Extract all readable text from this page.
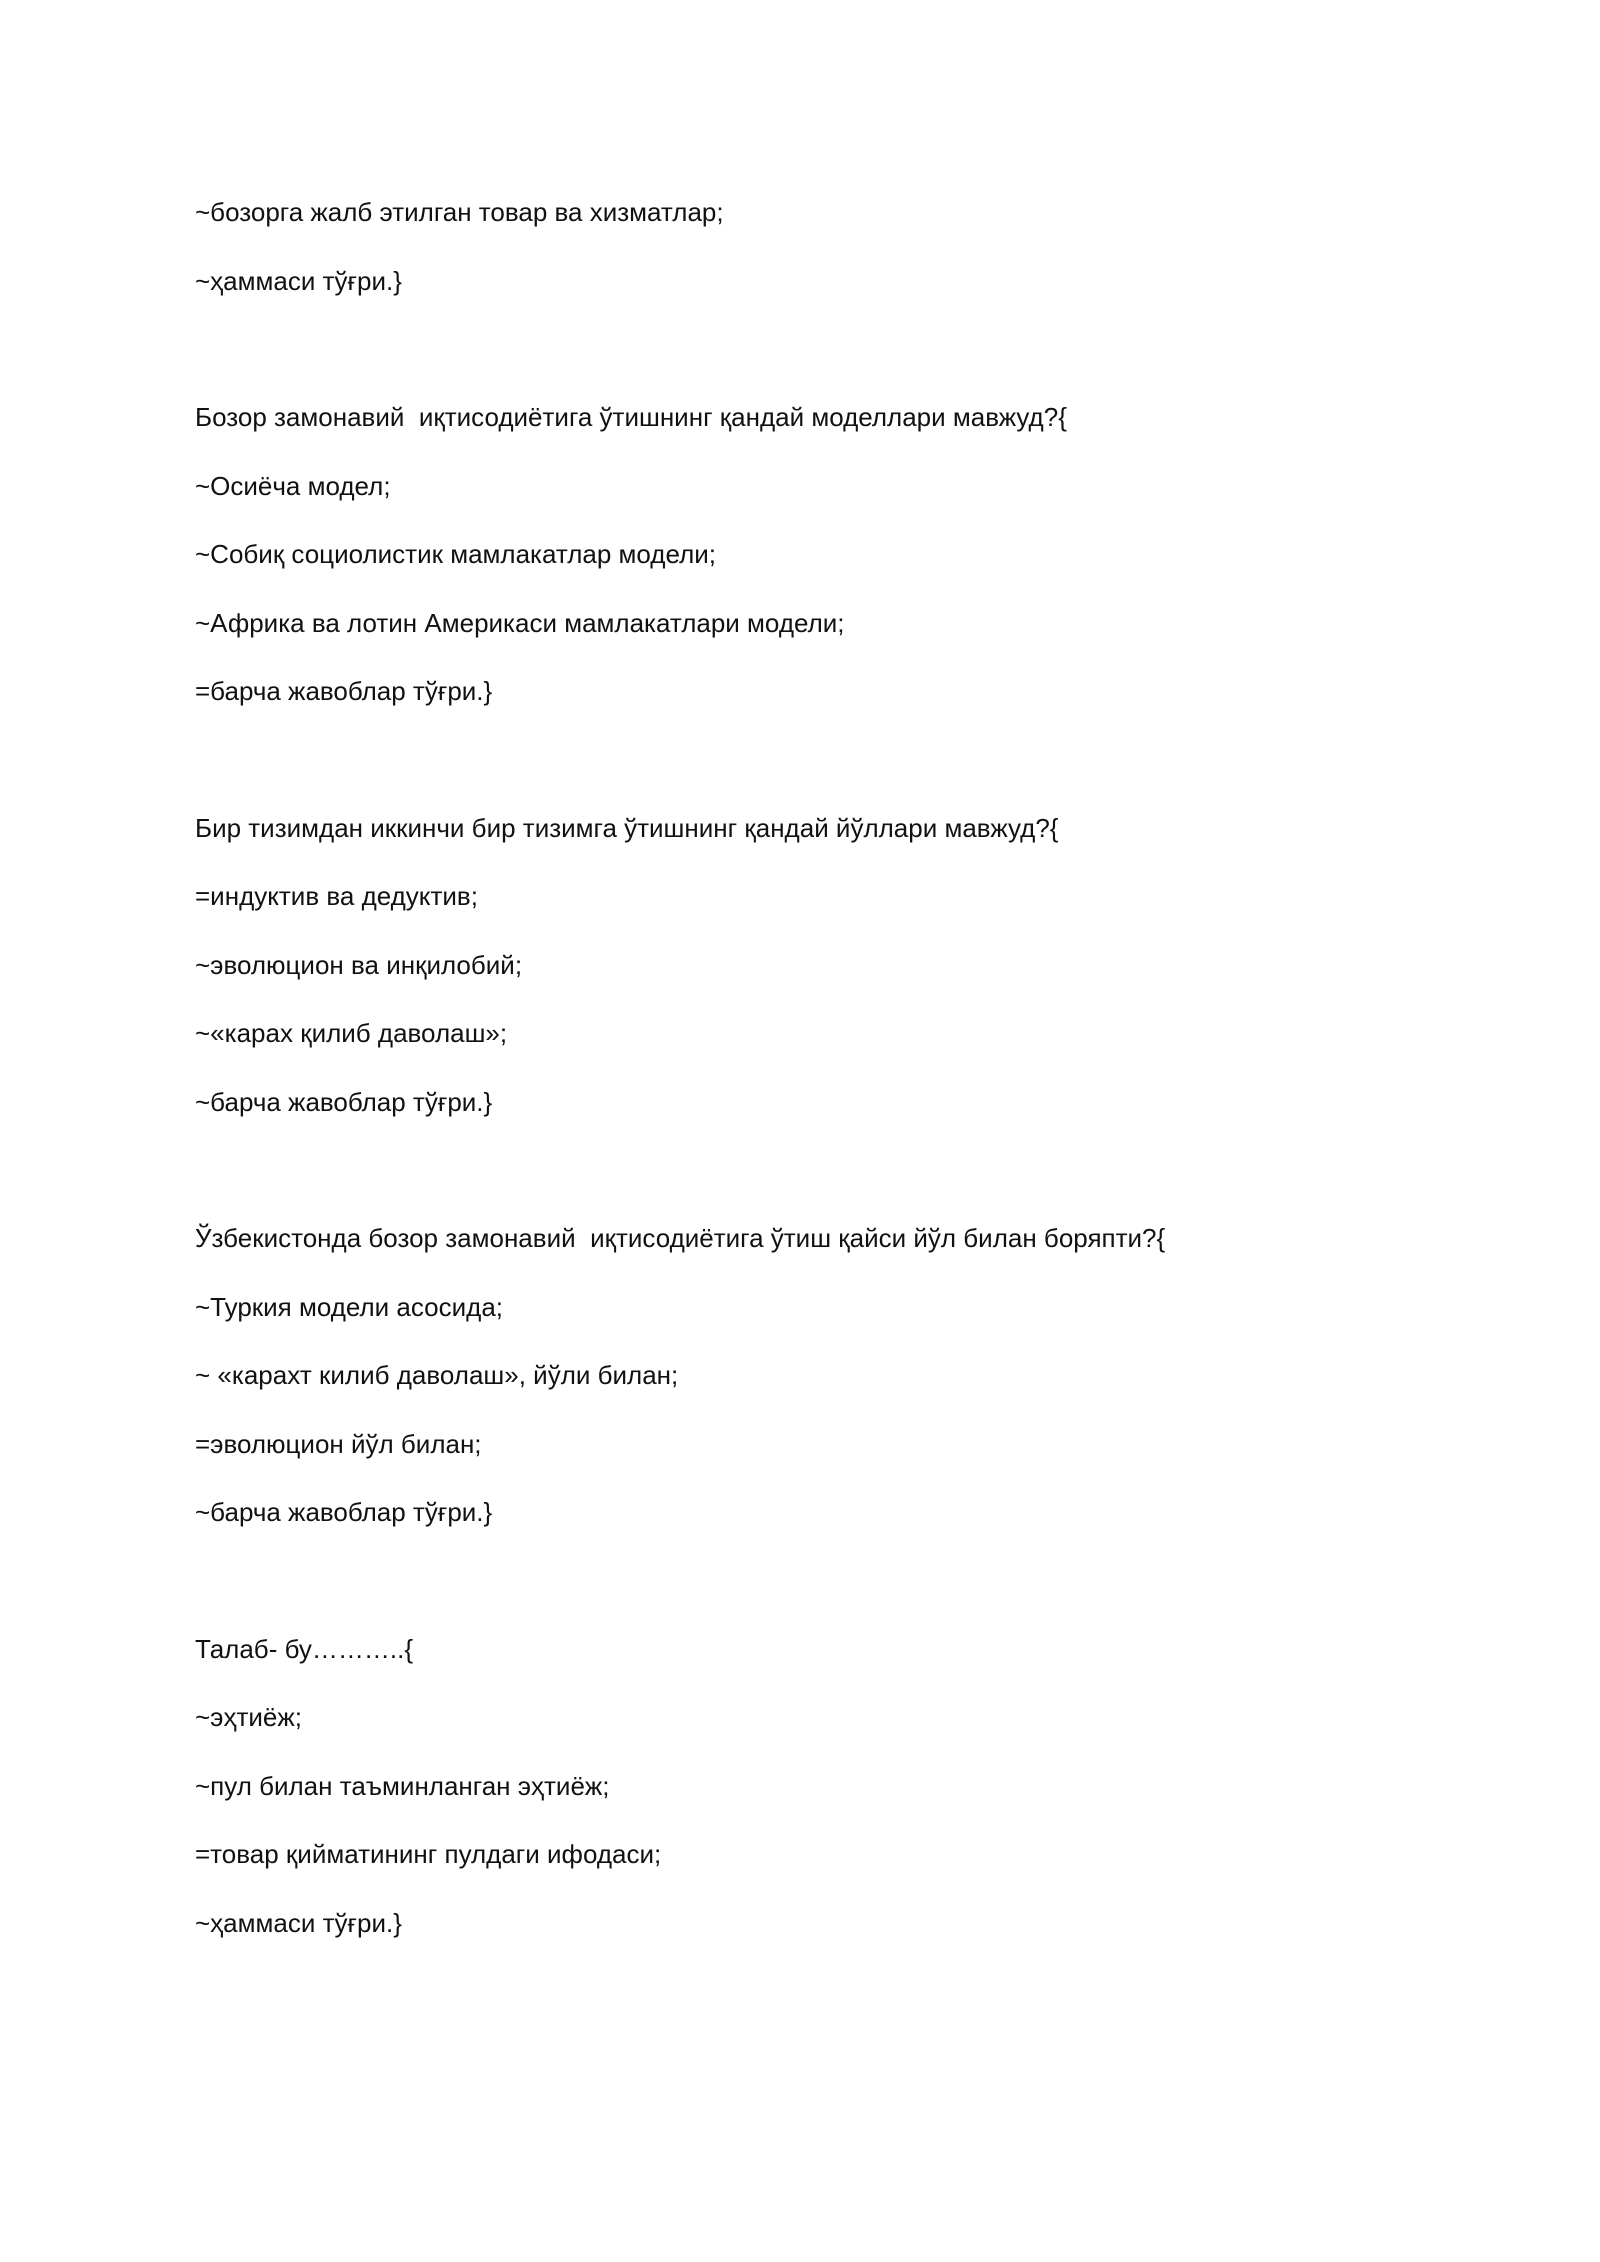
~бозорга жалб этилган товар ва хизматлар;

~ҳаммаси тўғри.}

Бозор замонавий  иқтисодиётига ўтишнинг қандай моделлари мавжуд?{

~Осиёча модел;

~Собиқ социолистик мамлакатлар модели;

~Африка ва лотин Америкаси мамлакатлари модели;

=барча жавоблар тўғри.}

Бир тизимдан иккинчи бир тизимга ўтишнинг қандай йўллари мавжуд?{

=индуктив ва дедуктив;

~эволюцион ва инқилобий;

~«карах қилиб даволаш»;

~барча жавоблар тўғри.}

Ўзбекистонда бозор замонавий  иқтисодиётига ўтиш қайси йўл билан боряпти?{

~Туркия модели асосида;

~ «карахт килиб даволаш», йўли билан;

=эволюцион йўл билан;

~барча жавоблар тўғри.}

Талаб- бу………..{

~эҳтиёж;

~пул билан таъминланган эҳтиёж;

=товар қийматининг пулдаги ифодаси;

~ҳаммаси тўғри.}
